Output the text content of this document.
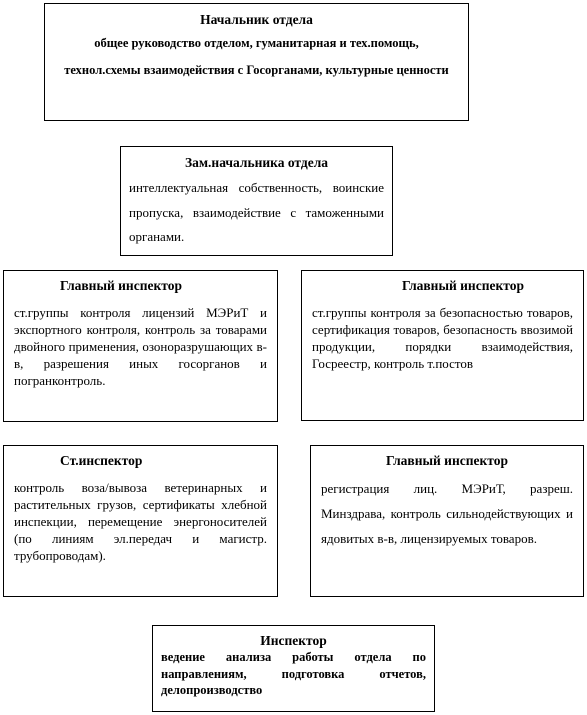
Начальник отдела
общее руководство отделом, гуманитарная и тех.помощь, технол.схемы взаимодействия с Госорганами, культурные ценности
Зам.начальника отдела
интеллектуальная собственность, воинские пропуска, взаимодействие с таможенными органами.
Главный инспектор
ст.группы контроля лицензий МЭРиТ и экспортного контроля, контроль за товарами двойного применения, озоноразрушающих в-в, разрешения иных госорганов и погранконтроль.
Главный инспектор
ст.группы контроля за безопасностью товаров, сертификация товаров, безопасность ввозимой продукции, порядки взаимодействия, Госреестр, контроль т.постов
Ст.инспектор
контроль воза/вывоза ветеринарных и растительных грузов, сертификаты хлебной инспекции, перемещение энергоносителей (по линиям эл.передач и магистр. трубопроводам).
Главный инспектор
регистрация лиц. МЭРиТ, разреш. Минздрава, контроль сильнодействующих и ядовитых в-в, лицензируемых товаров.
Инспектор
ведение анализа работы отдела по направлениям, подготовка отчетов, делопроизводство
